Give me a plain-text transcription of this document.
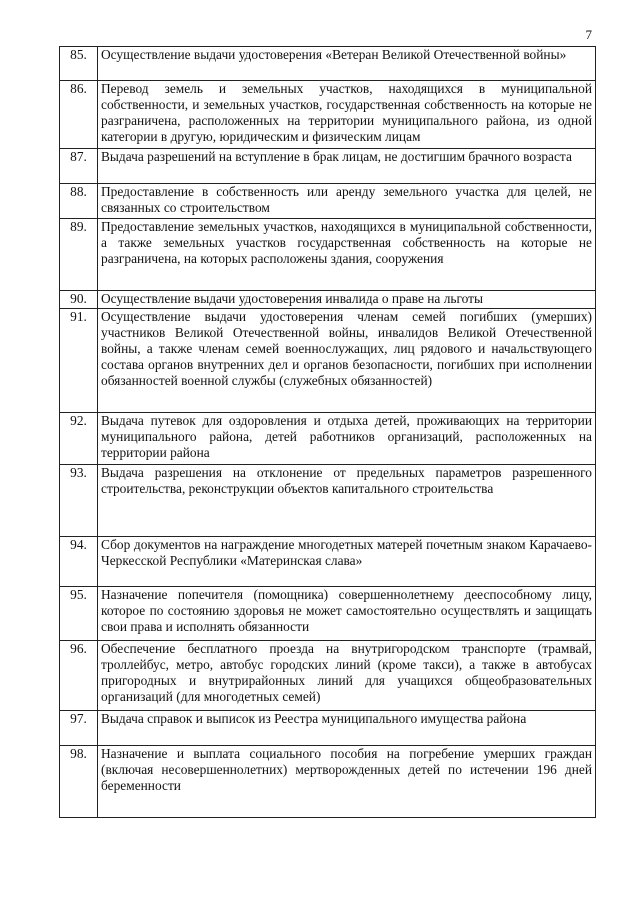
7
85.	Осуществление выдачи удостоверения «Ветеран Великой Отечественной войны»
86.	Перевод земель и земельных участков, находящихся в муниципальной собственности, и земельных участков, государственная собственность на которые не разграничена, расположенных на территории муниципального района, из одной категории в другую, юридическим и физическим лицам
87.	Выдача разрешений на вступление в брак лицам, не достигшим брачного возраста
88.	Предоставление в собственность или аренду земельного участка для целей, не связанных со строительством
89.	Предоставление земельных участков, находящихся в муниципальной собственности, а также земельных участков государственная собственность на которые не разграничена, на которых расположены здания, сооружения
90.	Осуществление выдачи удостоверения инвалида о праве на льготы
91.	Осуществление выдачи удостоверения членам семей погибших (умерших) участников Великой Отечественной войны, инвалидов Великой Отечественной войны, а также членам семей военнослужащих, лиц рядового и начальствующего состава органов внутренних дел и органов безопасности, погибших при исполнении обязанностей военной службы (служебных обязанностей)
92.	Выдача путевок для оздоровления и отдыха детей, проживающих на территории муниципального района, детей работников организаций, расположенных на территории района
93.	Выдача разрешения на отклонение от предельных параметров разрешенного строительства, реконструкции объектов капитального строительства
94.	Сбор документов на награждение многодетных матерей почетным знаком Карачаево-Черкесской Республики «Материнская слава»
95.	Назначение попечителя (помощника) совершеннолетнему дееспособному лицу, которое по состоянию здоровья не может самостоятельно осуществлять и защищать свои права и исполнять обязанности
96.	Обеспечение бесплатного проезда на внутригородском транспорте (трамвай, троллейбус, метро, автобус городских линий (кроме такси), а также в автобусах пригородных и внутрирайонных линий для учащихся общеобразовательных организаций (для многодетных семей)
97.	Выдача справок и выписок из Реестра муниципального имущества района
98.	Назначение и выплата социального пособия на погребение умерших граждан (включая несовершеннолетних) мертворожденных детей по истечении 196 дней беременности
